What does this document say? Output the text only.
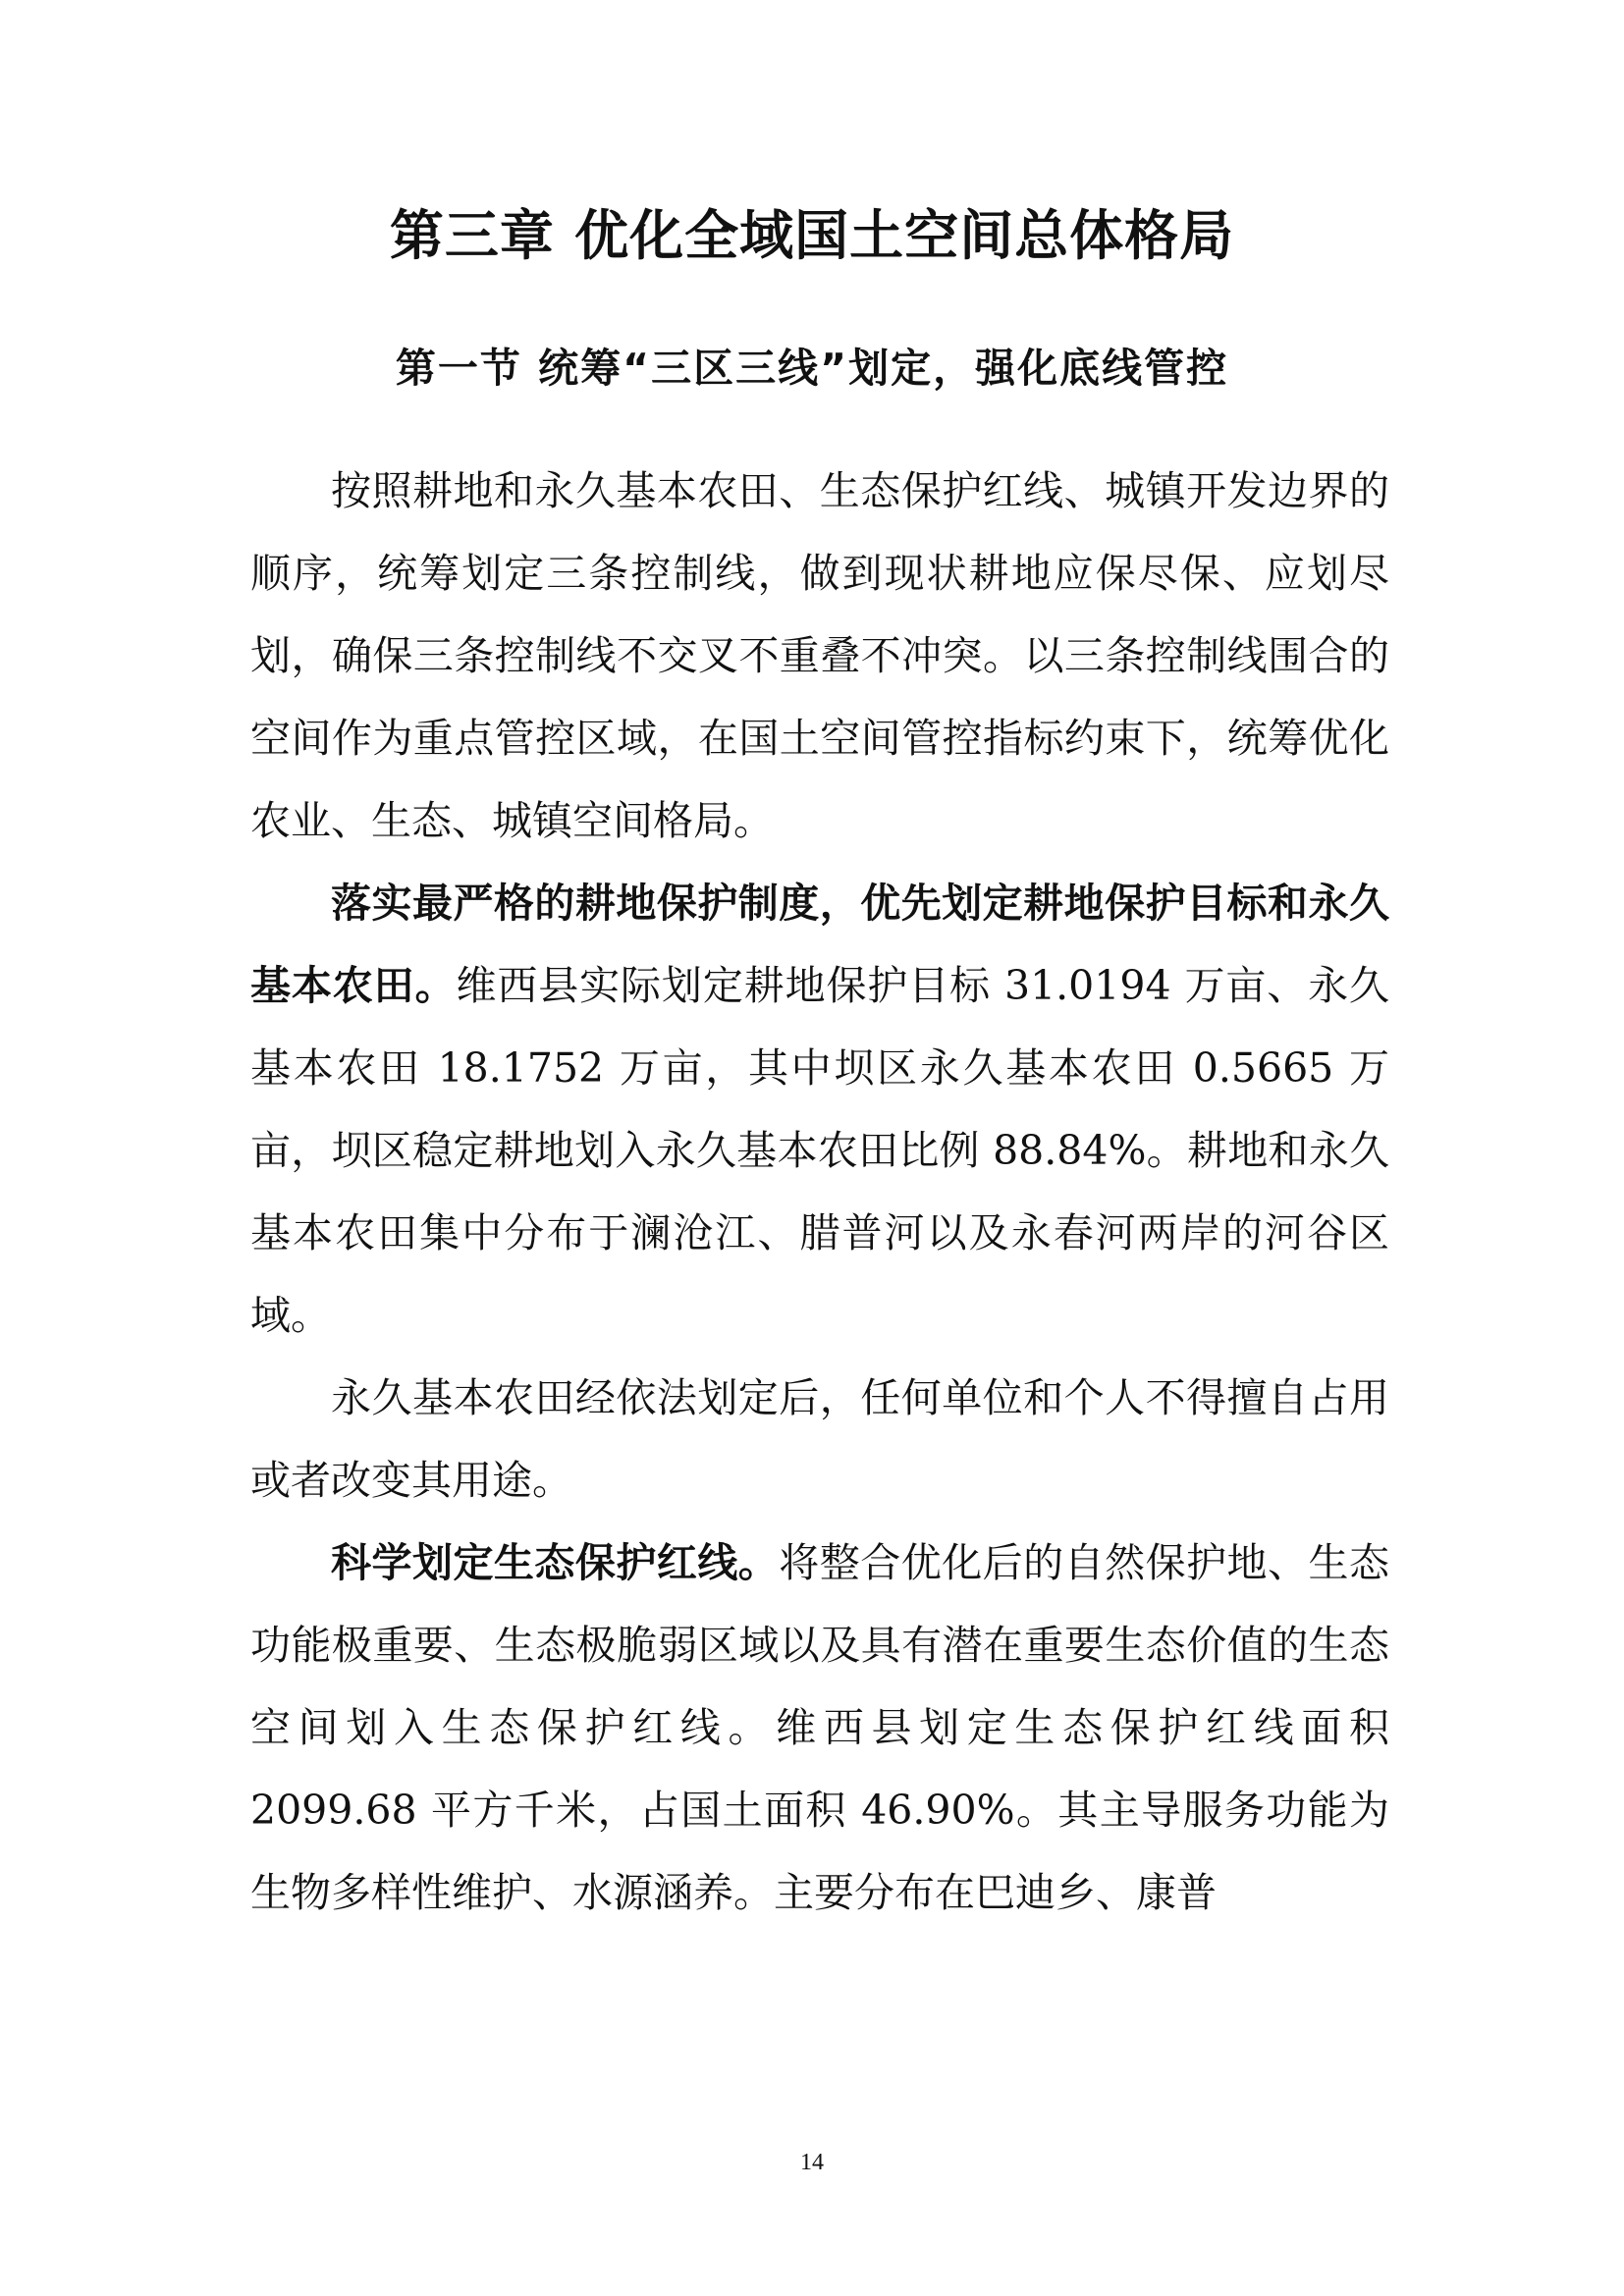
第三章 优化全域国土空间总体格局
第一节 统筹“三区三线”划定，强化底线管控

按照耕地和永久基本农田、生态保护红线、城镇开发边界的顺序，统筹划定三条控制线，做到现状耕地应保尽保、应划尽划，确保三条控制线不交叉不重叠不冲突。以三条控制线围合的空间作为重点管控区域，在国土空间管控指标约束下，统筹优化农业、生态、城镇空间格局。

落实最严格的耕地保护制度，优先划定耕地保护目标和永久基本农田。维西县实际划定耕地保护目标 31.0194 万亩、永久基本农田 18.1752 万亩，其中坝区永久基本农田 0.5665 万亩，坝区稳定耕地划入永久基本农田比例 88.84%。耕地和永久基本农田集中分布于澜沧江、腊普河以及永春河两岸的河谷区域。

永久基本农田经依法划定后，任何单位和个人不得擅自占用或者改变其用途。

科学划定生态保护红线。将整合优化后的自然保护地、生态功能极重要、生态极脆弱区域以及具有潜在重要生态价值的生态空间划入生态保护红线。维西县划定生态保护红线面积 2099.68 平方千米，占国土面积 46.90%。其主导服务功能为生物多样性维护、水源涵养。主要分布在巴迪乡、康普

14
